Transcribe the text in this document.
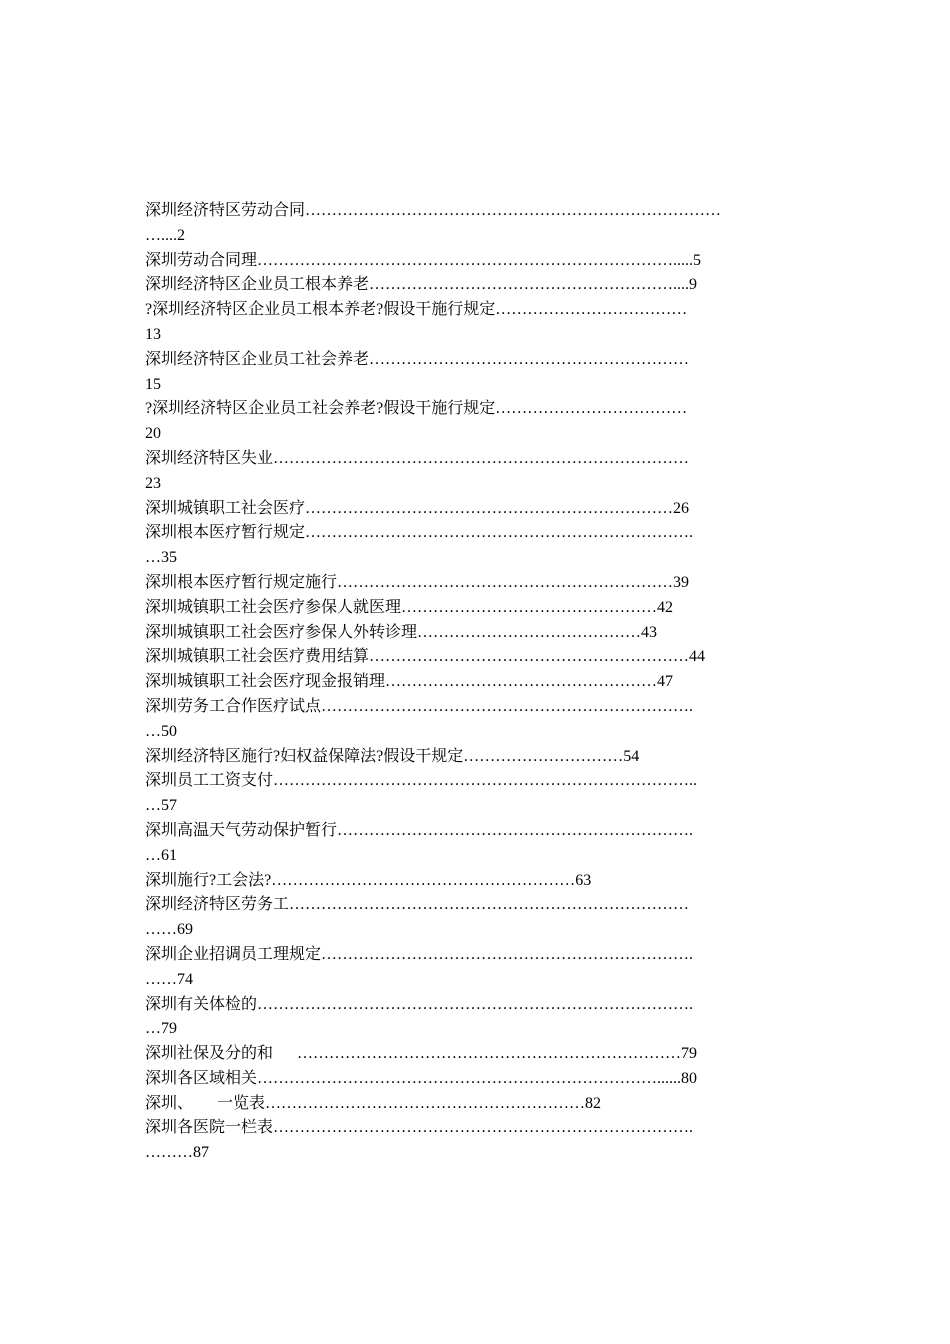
深圳经济特区劳动合同……………………………………………………………………
…....2
深圳劳动合同理…………………………………………………………………….....5
深圳经济特区企业员工根本养老…………………………………………………....9
?深圳经济特区企业员工根本养老?假设干施行规定………………………………
13
深圳经济特区企业员工社会养老……………………………………………………
15
?深圳经济特区企业员工社会养老?假设干施行规定………………………………
20
深圳经济特区失业……………………………………………………………………
23
深圳城镇职工社会医疗……………………………………………………………26
深圳根本医疗暂行规定……………………………………………………………….
…35
深圳根本医疗暂行规定施行………………………………………………………39
深圳城镇职工社会医疗参保人就医理…………………………………………42
深圳城镇职工社会医疗参保人外转诊理……………………………………43
深圳城镇职工社会医疗费用结算……………………………………………………44
深圳城镇职工社会医疗现金报销理……………………………………………47
深圳劳务工合作医疗试点…………………………………………………………….
…50
深圳经济特区施行?妇权益保障法?假设干规定…………………………54
深圳员工工资支付……………………………………………………………………..
…57
深圳高温天气劳动保护暂行………………………………………………………….
…61
深圳施行?工会法?…………………………………………………63
深圳经济特区劳务工…………………………………………………………………
……69
深圳企业招调员工理规定…………………………………………………………….
……74
深圳有关体检的……………………………………………………………………….
…79
深圳社保及分的和      ………………………………………………………………79
深圳各区域相关…………………………………………………………………......80
深圳、      一览表……………………………………………………82
深圳各医院一栏表…………………………………………………………………….
………87
